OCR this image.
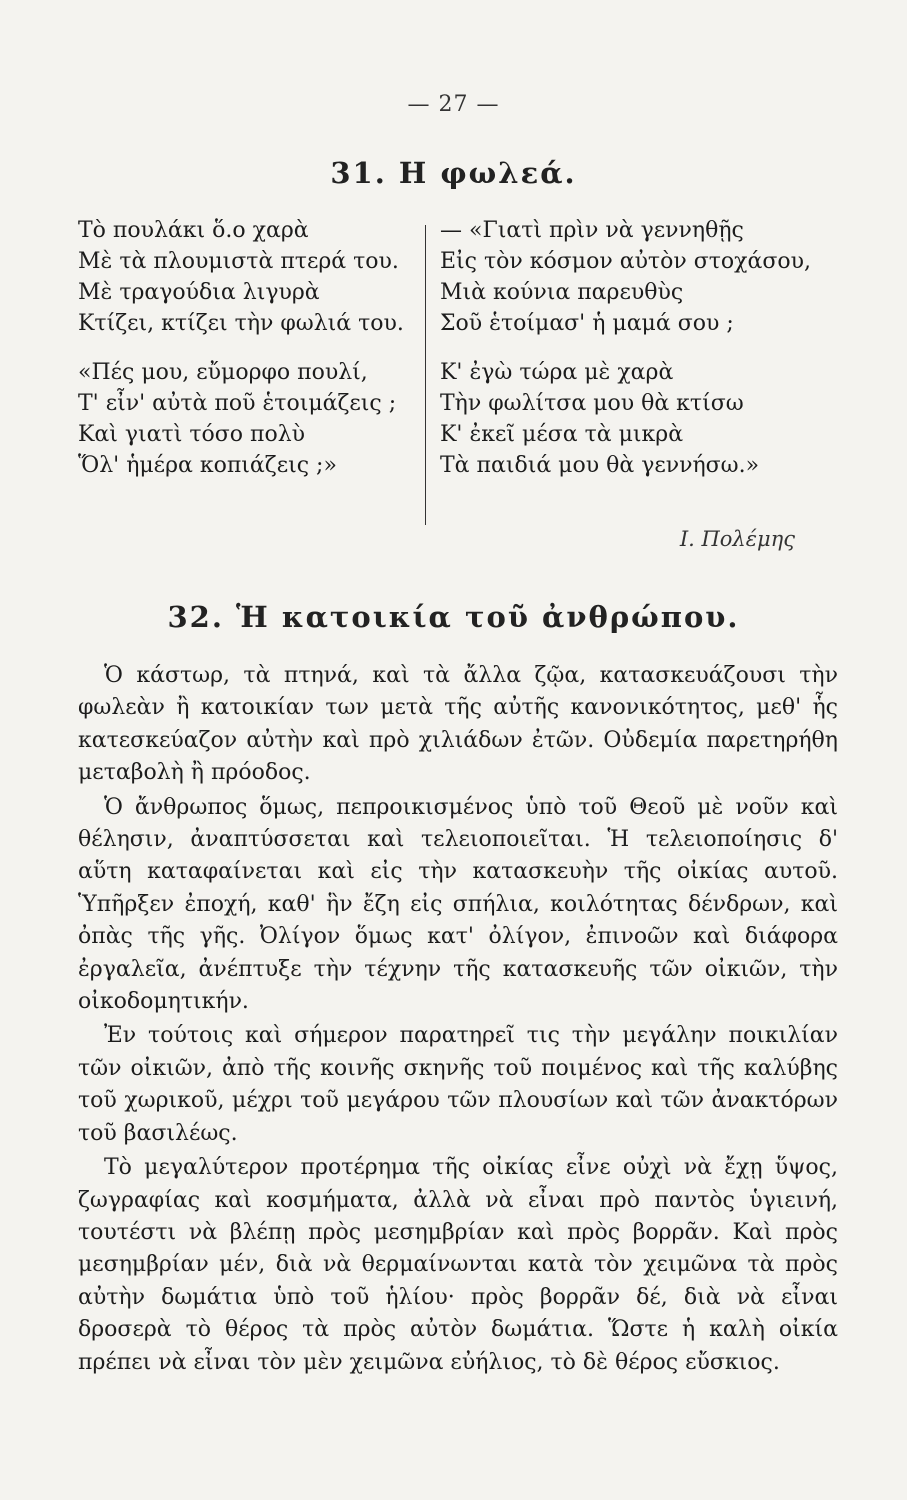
— 27 —
31. Η φωλεά.
Τὸ πουλάκι ὅ.ο χαρὰ
Μὲ τὰ πλουμιστὰ πτερά του.
Μὲ τραγούδια λιγυρὰ
Κτίζει, κτίζει τὴν φωλιά του.
«Πές μου, εὔμορφο πουλί,
Τ' εἶν' αὐτὰ ποῦ ἑτοιμάζεις ;
Καὶ γιατὶ τόσο πολὺ
Ὅλ' ἡμέρα κοπιάζεις ;»
— «Γιατὶ πρὶν νὰ γεννηθῇς
Εἰς τὸν κόσμον αὐτὸν στοχάσου,
Μιὰ κούνια παρευθὺς
Σοῦ ἑτοίμασ' ἡ μαμά σου ;
Κ' ἐγὼ τώρα μὲ χαρὰ
Τὴν φωλίτσα μου θὰ κτίσω
Κ' ἐκεῖ μέσα τὰ μικρὰ
Τὰ παιδιά μου θὰ γεννήσω.»
Ι. Πολέμης
32. Ἡ κατοικία τοῦ ἀνθρώπου.

Ὁ κάστωρ, τὰ πτηνά, καὶ τὰ ἄλλα ζῷα, κατασκευάζουσι τὴν φωλεὰν ἢ κατοικίαν των μετὰ τῆς αὐτῆς κανονικότητος, μεθ' ἧς κατεσκεύαζον αὐτὴν καὶ πρὸ χιλιάδων ἐτῶν. Οὐδεμία παρετηρήθη μεταβολὴ ἢ πρόοδος.

Ὁ ἄνθρωπος ὅμως, πεπροικισμένος ὑπὸ τοῦ Θεοῦ μὲ νοῦν καὶ θέλησιν, ἀναπτύσσεται καὶ τελειοποιεῖται. Ἡ τελειοποίησις δ' αὕτη καταφαίνεται καὶ εἰς τὴν κατασκευὴν τῆς οἰκίας αυτοῦ. Ὑπῆρξεν ἐποχή, καθ' ἣν ἔζη εἰς σπήλια, κοιλότητας δένδρων, καὶ ὀπὰς τῆς γῆς. Ὀλίγον ὅμως κατ' ὀλίγον, ἐπινοῶν καὶ διάφορα ἐργαλεῖα, ἀνέπτυξε τὴν τέχνην τῆς κατασκευῆς τῶν οἰκιῶν, τὴν οἰκοδομητικήν.

Ἐν τούτοις καὶ σήμερον παρατηρεῖ τις τὴν μεγάλην ποικιλίαν τῶν οἰκιῶν, ἀπὸ τῆς κοινῆς σκηνῆς τοῦ ποιμένος καὶ τῆς καλύβης τοῦ χωρικοῦ, μέχρι τοῦ μεγάρου τῶν πλουσίων καὶ τῶν ἀνακτόρων τοῦ βασιλέως.

Τὸ μεγαλύτερον προτέρημα τῆς οἰκίας εἶνε οὐχὶ νὰ ἔχῃ ὕψος, ζωγραφίας καὶ κοσμήματα, ἀλλὰ νὰ εἶναι πρὸ παντὸς ὑγιεινή, τουτέστι νὰ βλέπῃ πρὸς μεσημβρίαν καὶ πρὸς βορρᾶν. Καὶ πρὸς μεσημβρίαν μέν, διὰ νὰ θερμαίνωνται κατὰ τὸν χειμῶνα τὰ πρὸς αὐτὴν δωμάτια ὑπὸ τοῦ ἡλίου· πρὸς βορρᾶν δέ, διὰ νὰ εἶναι δροσερὰ τὸ θέρος τὰ πρὸς αὐτὸν δωμάτια. Ὥστε ἡ καλὴ οἰκία πρέπει νὰ εἶναι τὸν μὲν χειμῶνα εὐήλιος, τὸ δὲ θέρος εὔσκιος.
